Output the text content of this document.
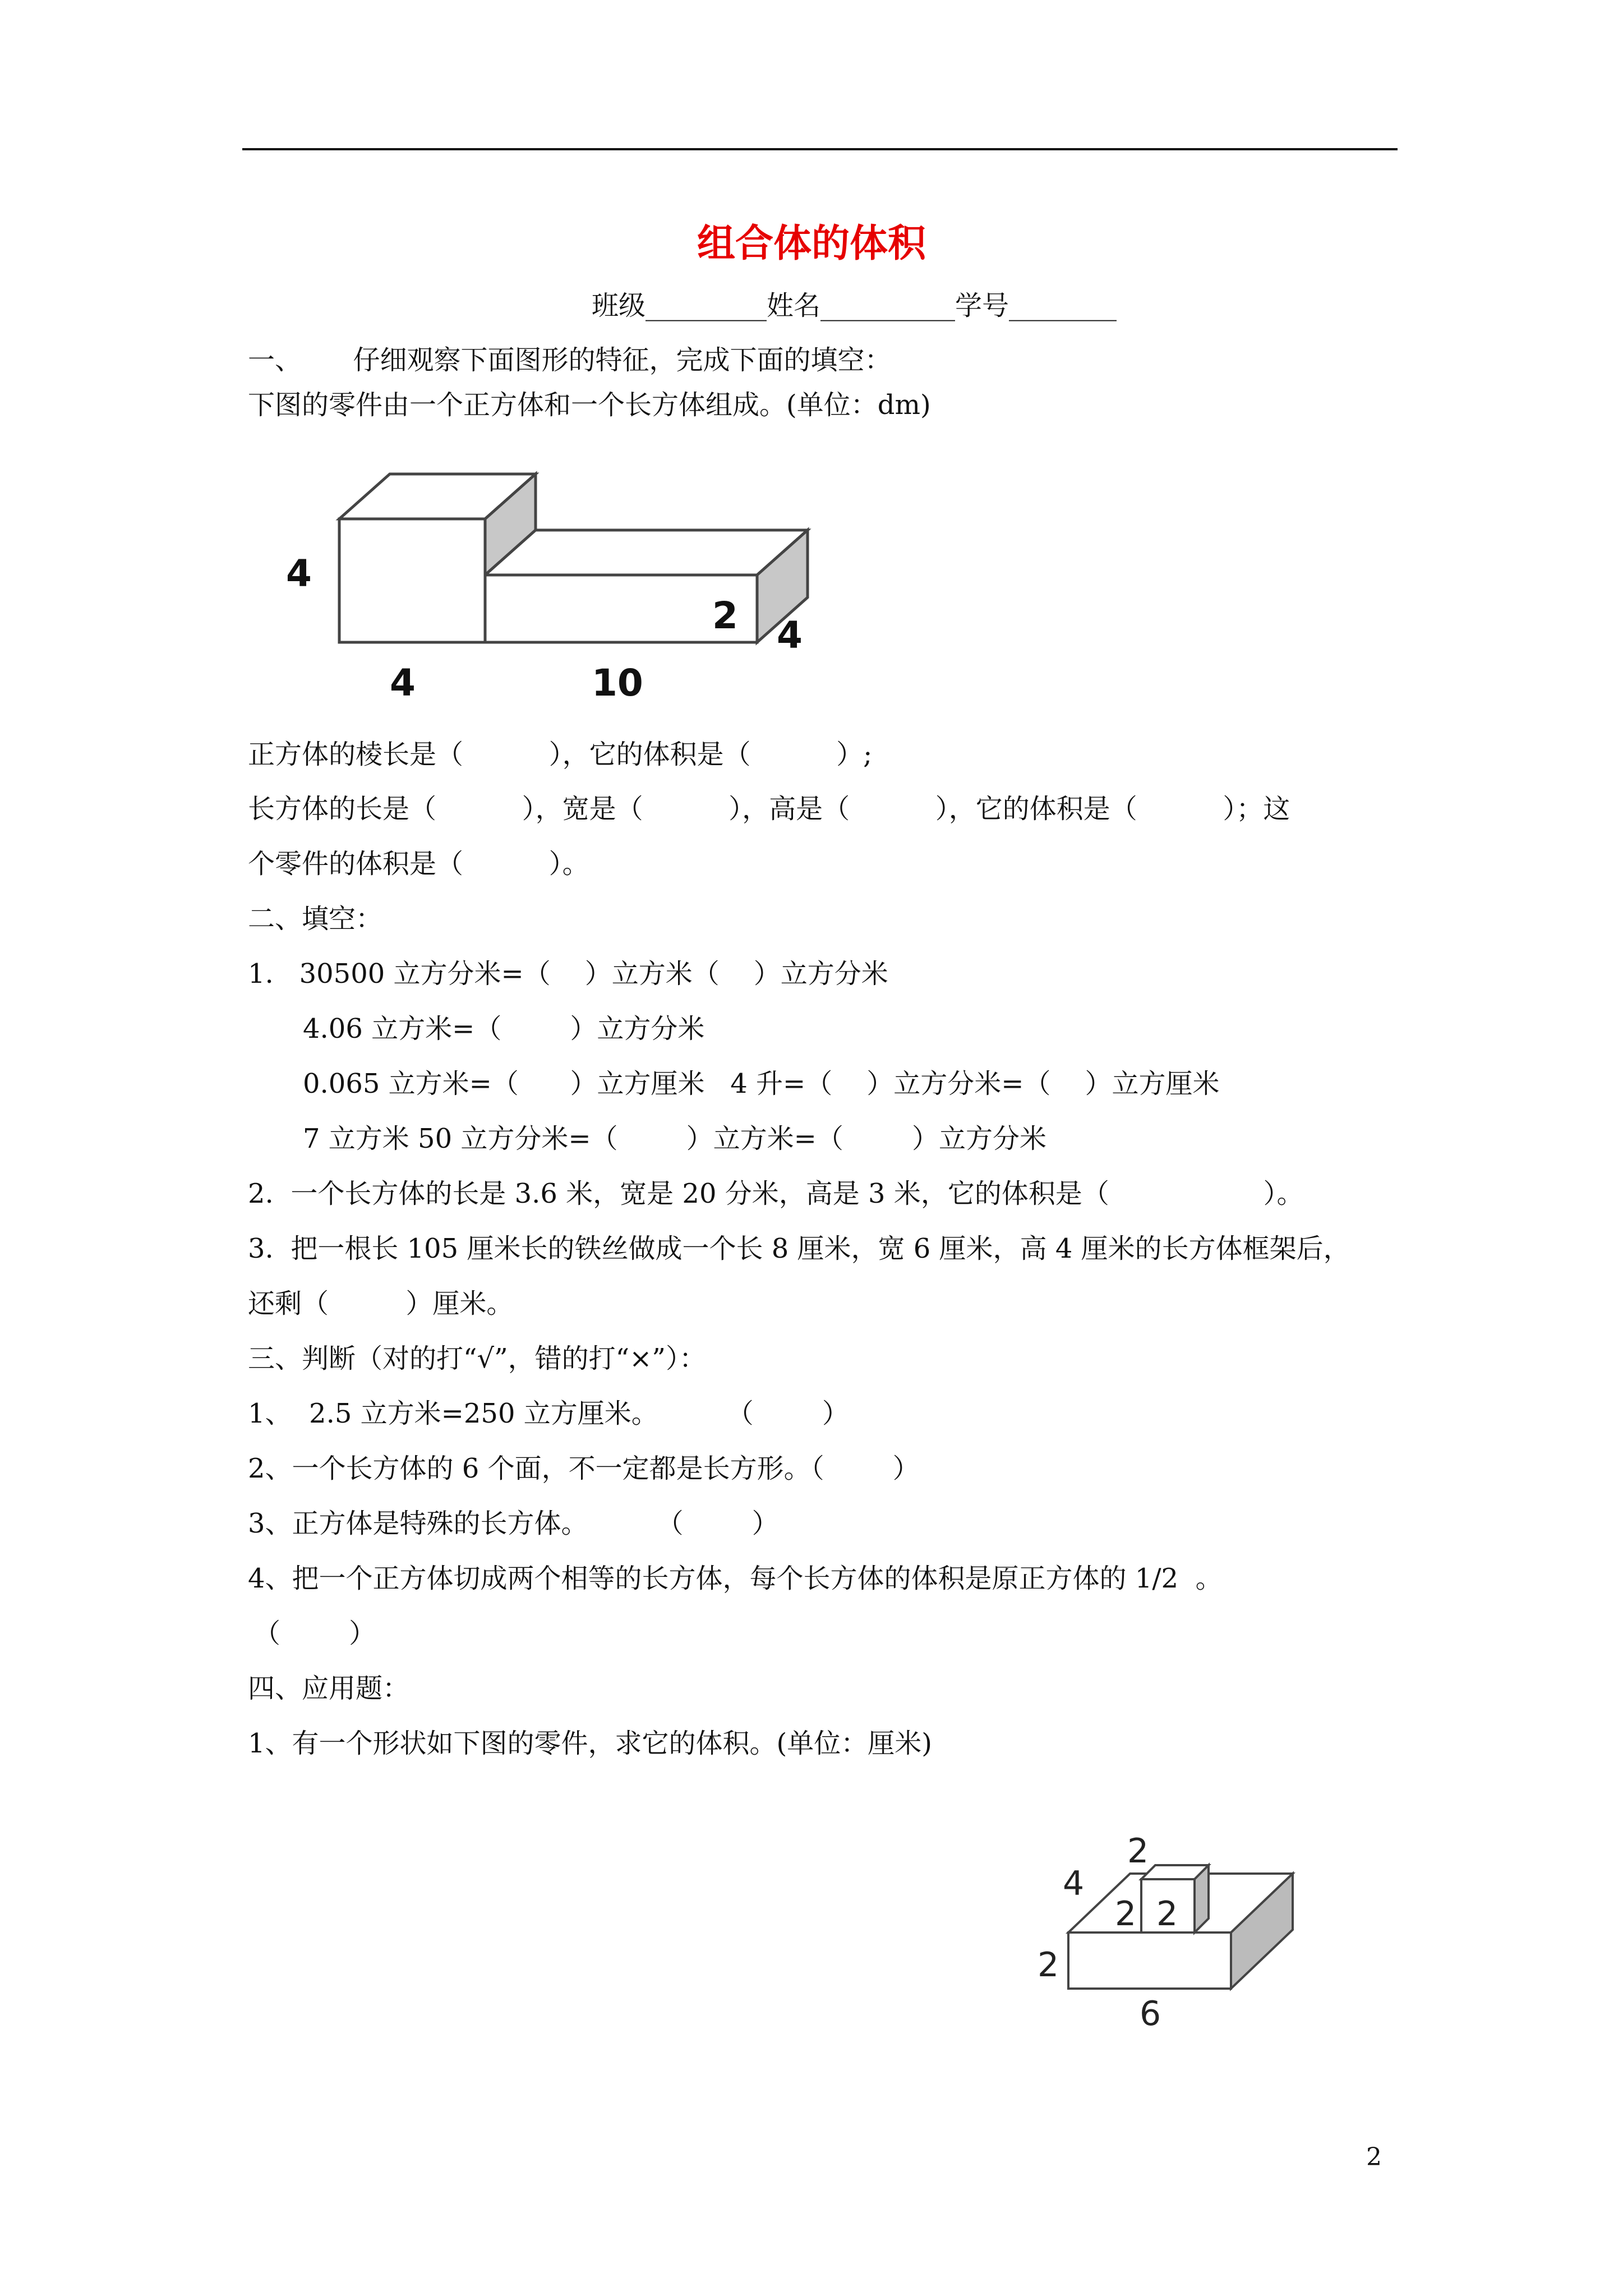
组合体的体积
班级_________姓名__________学号________
一、      仔细观察下面图形的特征，完成下面的填空：
下图的零件由一个正方体和一个长方体组成。(单位：dm)
4
4	10
2 4
正方体的棱长是（          ），它的体积是（          ）;
长方体的长是（          ），宽是（          ），高是（          ），它的体积是（          ）；这
个零件的体积是（          ）。
二、填空：
1.   30500 立方分米=（    ）立方米（    ）立方分米
4.06 立方米=（        ）立方分米
0.065 立方米=（      ）立方厘米   4 升=（    ）立方分米=（    ）立方厘米
7 立方米 50 立方分米=（        ）立方米=（        ）立方分米
2.  一个长方体的长是 3.6 米，宽是 20 分米，高是 3 米，它的体积是（                  ）。
3.  把一根长 105 厘米长的铁丝做成一个长 8 厘米，宽 6 厘米，高 4 厘米的长方体框架后，
还剩（         ）厘米。
三、判断（对的打“√”，错的打“×”）：
1、  2.5 立方米=250 立方厘米。        （        ）
2、一个长方体的 6 个面，不一定都是长方形。（        ）
3、正方体是特殊的长方体。        （        ）
4、把一个正方体切成两个相等的长方体，每个长方体的体积是原正方体的 1/2  。
（        ）
四、应用题：
1、有一个形状如下图的零件，求它的体积。(单位：厘米)
2
4
2 2
2
6
2
